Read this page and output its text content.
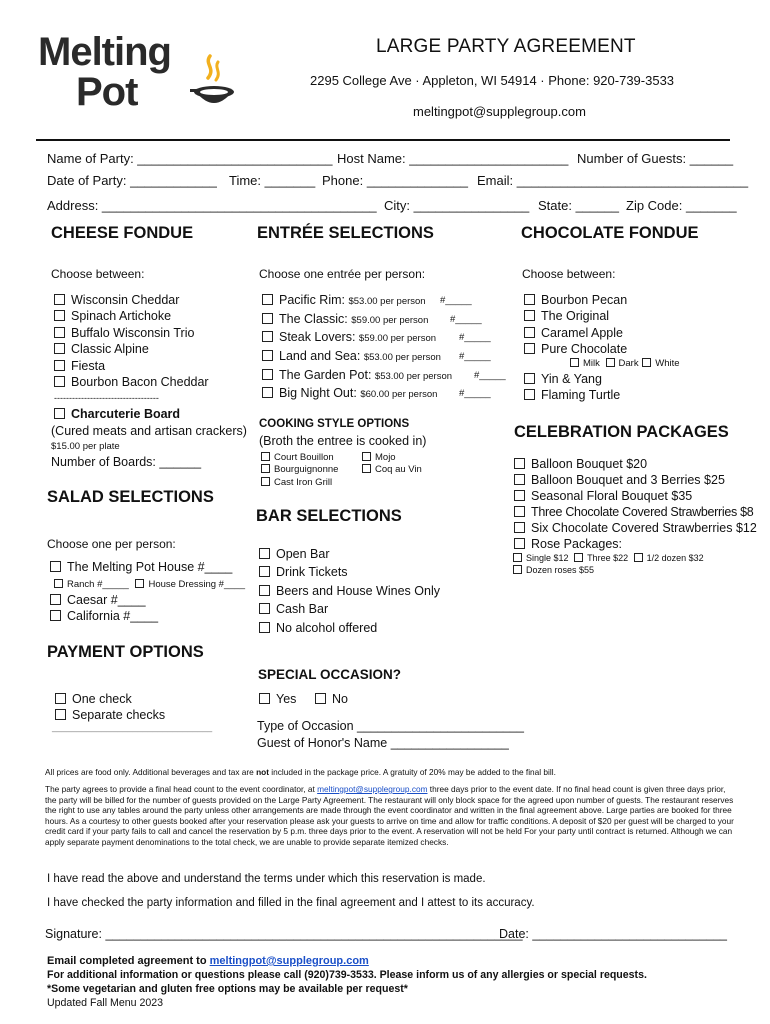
Melting
Pot
LARGE PARTY AGREEMENT
2295 College Ave · Appleton, WI 54914 · Phone: 920-739-3533
meltingpot@supplegroup.com
Name of Party: ___________________________ Host Name: ______________________ Number of Guests: ______
Date of Party: ____________ Time: _______ Phone: ______________ Email: ________________________________
Address: ______________________________________ City: ________________ State: ______ Zip Code: _______
CHEESE FONDUE
Choose between:
Wisconsin Cheddar
Spinach Artichoke
Buffalo Wisconsin Trio
Classic Alpine
Fiesta
Bourbon Bacon Cheddar
-----------------------------------
Charcuterie Board
(Cured meats and artisan crackers)
$15.00 per plate
Number of Boards: ______
ENTRÉE SELECTIONS
Choose one entrée per person:
Pacific Rim: $53.00 per person #_____
The Classic: $59.00 per person #_____
Steak Lovers: $59.00 per person #_____
Land and Sea: $53.00 per person #_____
The Garden Pot: $53.00 per person #_____
Big Night Out: $60.00 per person #_____
COOKING STYLE OPTIONS
(Broth the entree is cooked in)
Court Bouillon	Mojo
Bourguignonne	Coq au Vin
Cast Iron Grill
CHOCOLATE FONDUE
Choose between:
Bourbon Pecan
The Original
Caramel Apple
Pure Chocolate
Milk Dark White
Yin & Yang
Flaming Turtle
CELEBRATION PACKAGES
Balloon Bouquet $20
Balloon Bouquet and 3 Berries $25
Seasonal Floral Bouquet $35
Three Chocolate Covered Strawberries $8
Six Chocolate Covered Strawberries $12
Rose Packages:
Single $12 Three $22 1/2 dozen $32
Dozen roses $55
SALAD SELECTIONS
Choose one per person:
The Melting Pot House #____
Ranch #_____ House Dressing #____
Caesar #____
California #____
BAR SELECTIONS
Open Bar
Drink Tickets
Beers and House Wines Only
Cash Bar
No alcohol offered
PAYMENT OPTIONS
One check
Separate checks
________________________________
SPECIAL OCCASION?
Yes	No
Type of Occasion ________________________
Guest of Honor's Name _________________
All prices are food only. Additional beverages and tax are not included in the package price. A gratuity of 20% may be added to the final bill.
The party agrees to provide a final head count to the event coordinator, at meltingpot@supplegroup.com three days prior to the event date. If no final head count is given three days prior, the party will be billed for the number of guests provided on the Large Party Agreement. The restaurant will only block space for the agreed upon number of guests. The restaurant reserves the right to use any tables around the party unless other arrangements are made through the event coordinator and written in the final agreement above. Large parties are booked for three hours. As a courtesy to other guests booked after your reservation please ask your guests to arrive on time and allow for traffic conditions. A deposit of $20 per guest will be charged to your credit card if your party fails to call and cancel the reservation by 5 p.m. three days prior to the event. A reservation will not be held For your party until contract is returned. Although we can apply separate payment denominations to the total check, we are unable to provide separate itemized checks.
I have read the above and understand the terms under which this reservation is made.
I have checked the party information and filled in the final agreement and I attest to its accuracy.
Signature: ____________________________________________________________
Date: ____________________________
Email completed agreement to meltingpot@supplegroup.com
For additional information or questions please call (920)739-3533. Please inform us of any allergies or special requests.
*Some vegetarian and gluten free options may be available per request*
Updated Fall Menu 2023
